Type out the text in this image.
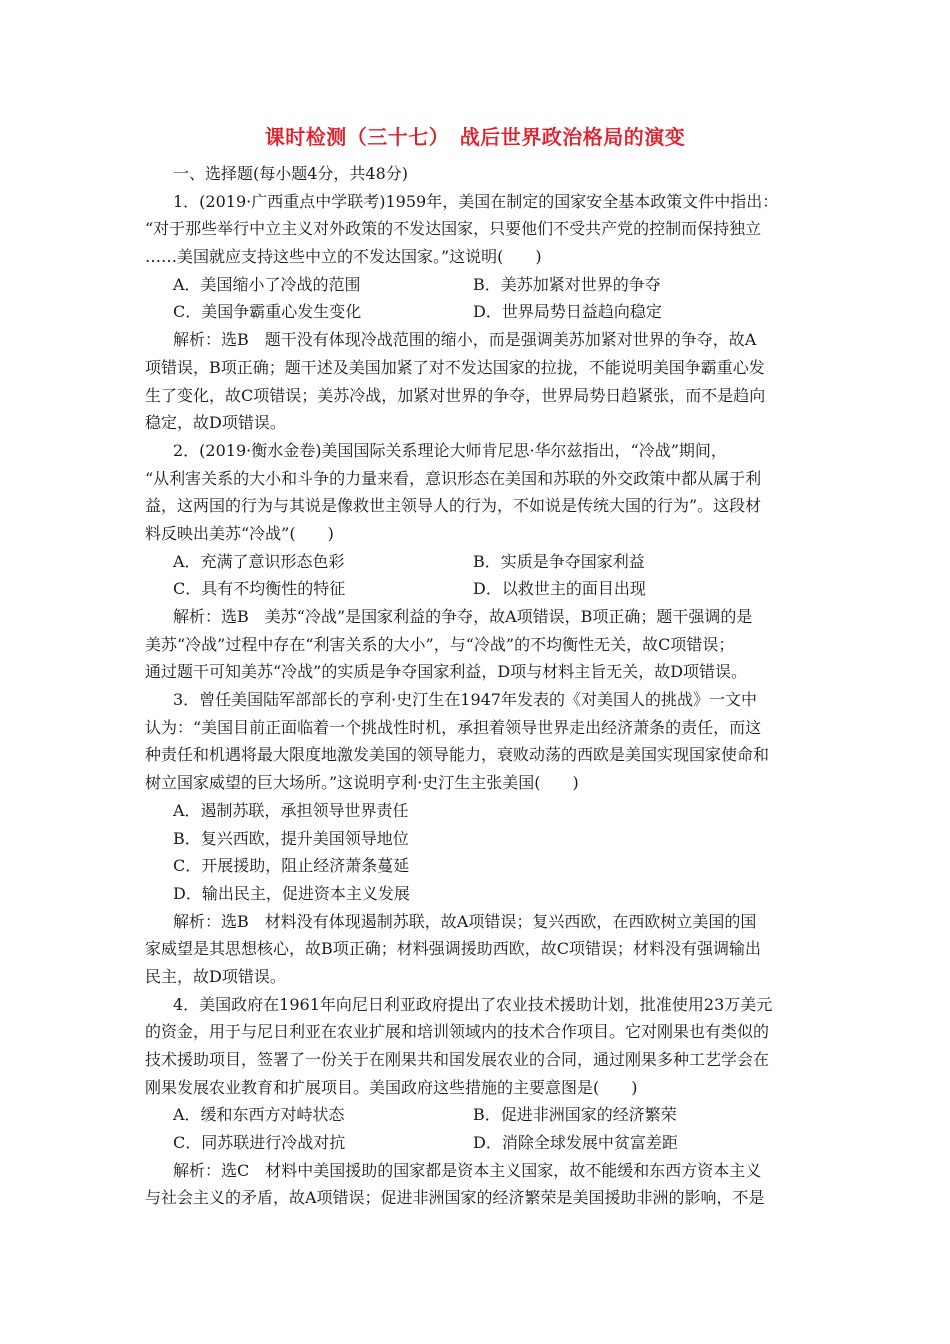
课时检测（三十七）　战后世界政治格局的演变
一、选择题(每小题4分，共48分)
1．(2019·广西重点中学联考)1959年，美国在制定的国家安全基本政策文件中指出：
“对于那些举行中立主义对外政策的不发达国家，只要他们不受共产党的控制而保持独立
……美国就应支持这些中立的不发达国家。”这说明(　　)
A．美国缩小了冷战的范围	B．美苏加紧对世界的争夺
C．美国争霸重心发生变化	D．世界局势日益趋向稳定
解析：选B　题干没有体现冷战范围的缩小，而是强调美苏加紧对世界的争夺，故A
项错误，B项正确；题干述及美国加紧了对不发达国家的拉拢，不能说明美国争霸重心发
生了变化，故C项错误；美苏冷战，加紧对世界的争夺，世界局势日趋紧张，而不是趋向
稳定，故D项错误。
2．(2019·衡水金卷)美国国际关系理论大师肯尼思·华尔兹指出，“冷战”期间，
“从利害关系的大小和斗争的力量来看，意识形态在美国和苏联的外交政策中都从属于利
益，这两国的行为与其说是像救世主领导人的行为，不如说是传统大国的行为”。这段材
料反映出美苏“冷战”(　　)
A．充满了意识形态色彩	B．实质是争夺国家利益
C．具有不均衡性的特征	D．以救世主的面目出现
解析：选B　美苏“冷战”是国家利益的争夺，故A项错误，B项正确；题干强调的是
美苏“冷战”过程中存在“利害关系的大小”，与“冷战”的不均衡性无关，故C项错误；
通过题干可知美苏“冷战”的实质是争夺国家利益，D项与材料主旨无关，故D项错误。
3．曾任美国陆军部部长的亨利·史汀生在1947年发表的《对美国人的挑战》一文中
认为：“美国目前正面临着一个挑战性时机，承担着领导世界走出经济萧条的责任，而这
种责任和机遇将最大限度地激发美国的领导能力，衰败动荡的西欧是美国实现国家使命和
树立国家威望的巨大场所。”这说明亨利·史汀生主张美国(　　)
A．遏制苏联，承担领导世界责任
B．复兴西欧，提升美国领导地位
C．开展援助，阻止经济萧条蔓延
D．输出民主，促进资本主义发展
解析：选B　材料没有体现遏制苏联，故A项错误；复兴西欧，在西欧树立美国的国
家威望是其思想核心，故B项正确；材料强调援助西欧，故C项错误；材料没有强调输出
民主，故D项错误。
4．美国政府在1961年向尼日利亚政府提出了农业技术援助计划，批准使用23万美元
的资金，用于与尼日利亚在农业扩展和培训领域内的技术合作项目。它对刚果也有类似的
技术援助项目，签署了一份关于在刚果共和国发展农业的合同，通过刚果多种工艺学会在
刚果发展农业教育和扩展项目。美国政府这些措施的主要意图是(　　)
A．缓和东西方对峙状态	B．促进非洲国家的经济繁荣
C．同苏联进行冷战对抗	D．消除全球发展中贫富差距
解析：选C　材料中美国援助的国家都是资本主义国家，故不能缓和东西方资本主义
与社会主义的矛盾，故A项错误；促进非洲国家的经济繁荣是美国援助非洲的影响，不是
